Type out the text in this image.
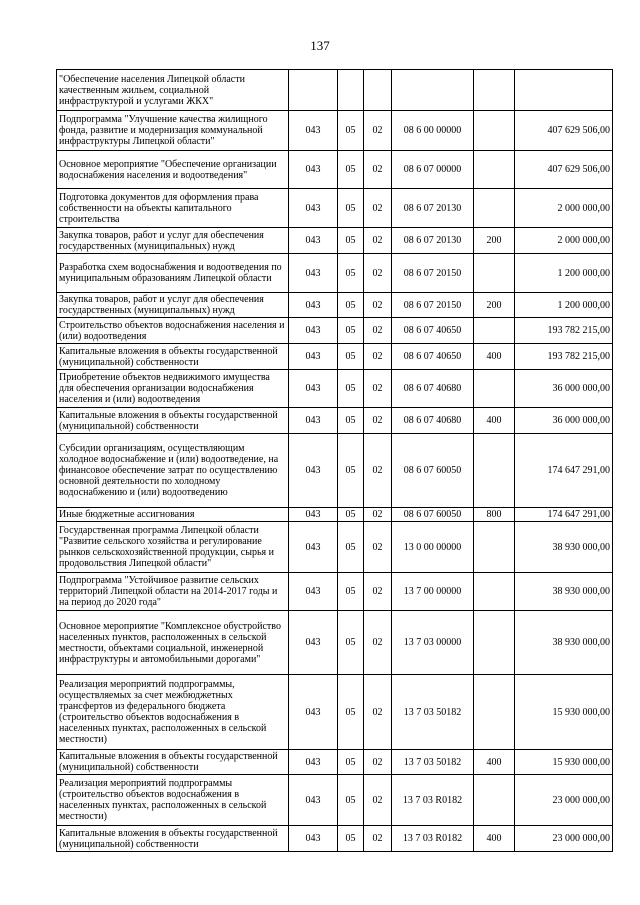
137
"Обеспечение населения Липецкой области качественным жильем, социальной инфраструктурой и услугами ЖКХ"						
Подпрограмма "Улучшение качества жилищного фонда, развитие и модернизация коммунальной инфраструктуры Липецкой области"	043	05	02	08 6 00 00000		407 629 506,00
Основное мероприятие "Обеспечение организации водоснабжения населения и водоотведения"	043	05	02	08 6 07 00000		407 629 506,00
Подготовка документов для оформления права собственности на объекты капитального строительства	043	05	02	08 6 07 20130		2 000 000,00
Закупка товаров, работ и услуг для обеспечения государственных (муниципальных) нужд	043	05	02	08 6 07 20130	200	2 000 000,00
Разработка схем водоснабжения и водоотведения по муниципальным образованиям Липецкой области	043	05	02	08 6 07 20150		1 200 000,00
Закупка товаров, работ и услуг для обеспечения государственных (муниципальных) нужд	043	05	02	08 6 07 20150	200	1 200 000,00
Строительство объектов водоснабжения населения и (или) водоотведения	043	05	02	08 6 07 40650		193 782 215,00
Капитальные вложения в объекты государственной (муниципальной) собственности	043	05	02	08 6 07 40650	400	193 782 215,00
Приобретение объектов недвижимого имущества для обеспечения организации водоснабжения населения и (или) водоотведения	043	05	02	08 6 07 40680		36 000 000,00
Капитальные вложения в объекты государственной (муниципальной) собственности	043	05	02	08 6 07 40680	400	36 000 000,00
Субсидии организациям, осуществляющим холодное водоснабжение и (или) водоотведение, на финансовое обеспечение затрат по осуществлению основной деятельности по холодному водоснабжению и (или) водоотведению	043	05	02	08 6 07 60050		174 647 291,00
Иные бюджетные ассигнования	043	05	02	08 6 07 60050	800	174 647 291,00
Государственная программа Липецкой области "Развитие сельского хозяйства и регулирование рынков сельскохозяйственной продукции, сырья и продовольствия Липецкой области"	043	05	02	13 0 00 00000		38 930 000,00
Подпрограмма "Устойчивое развитие сельских территорий Липецкой области на 2014-2017 годы и на период до 2020 года"	043	05	02	13 7 00 00000		38 930 000,00
Основное мероприятие "Комплексное обустройство населенных пунктов, расположенных в сельской местности, объектами социальной, инженерной инфраструктуры и автомобильными дорогами"	043	05	02	13 7 03 00000		38 930 000,00
Реализация мероприятий подпрограммы, осуществляемых за счет межбюджетных трансфертов из федерального бюджета (строительство объектов водоснабжения в населенных пунктах, расположенных в сельской местности)	043	05	02	13 7 03 50182		15 930 000,00
Капитальные вложения в объекты государственной (муниципальной) собственности	043	05	02	13 7 03 50182	400	15 930 000,00
Реализация мероприятий подпрограммы (строительство объектов водоснабжения в населенных пунктах, расположенных в сельской местности)	043	05	02	13 7 03 R0182		23 000 000,00
Капитальные вложения в объекты государственной (муниципальной) собственности	043	05	02	13 7 03 R0182	400	23 000 000,00
